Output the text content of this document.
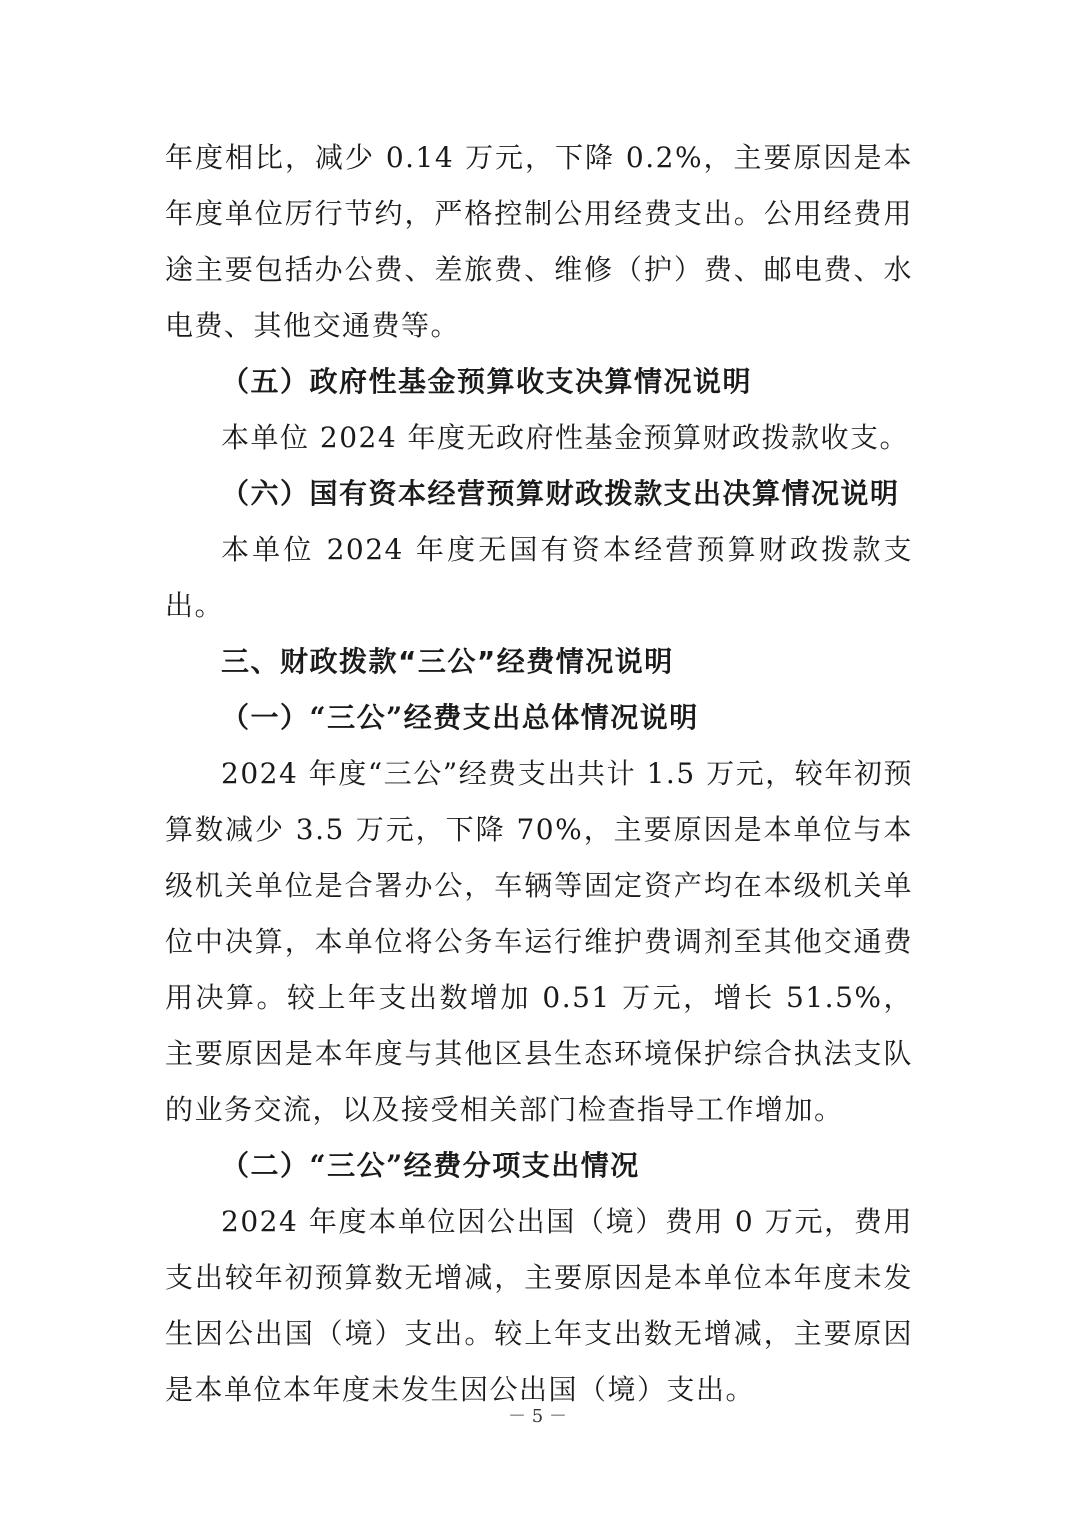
年度相比，减少 0.14 万元，下降 0.2%，主要原因是本年度单位厉行节约，严格控制公用经费支出。公用经费用途主要包括办公费、差旅费、维修（护）费、邮电费、水电费、其他交通费等。

（五）政府性基金预算收支决算情况说明

本单位 2024 年度无政府性基金预算财政拨款收支。

（六）国有资本经营预算财政拨款支出决算情况说明

本单位 2024 年度无国有资本经营预算财政拨款支出。

三、财政拨款“三公”经费情况说明

（一）“三公”经费支出总体情况说明

2024 年度“三公”经费支出共计 1.5 万元，较年初预算数减少 3.5 万元，下降 70%，主要原因是本单位与本级机关单位是合署办公，车辆等固定资产均在本级机关单位中决算，本单位将公务车运行维护费调剂至其他交通费用决算。较上年支出数增加 0.51 万元，增长 51.5%，主要原因是本年度与其他区县生态环境保护综合执法支队的业务交流，以及接受相关部门检查指导工作增加。

（二）“三公”经费分项支出情况

2024 年度本单位因公出国（境）费用 0 万元，费用支出较年初预算数无增减，主要原因是本单位本年度未发生因公出国（境）支出。较上年支出数无增减，主要原因是本单位本年度未发生因公出国（境）支出。

－ 5 －
